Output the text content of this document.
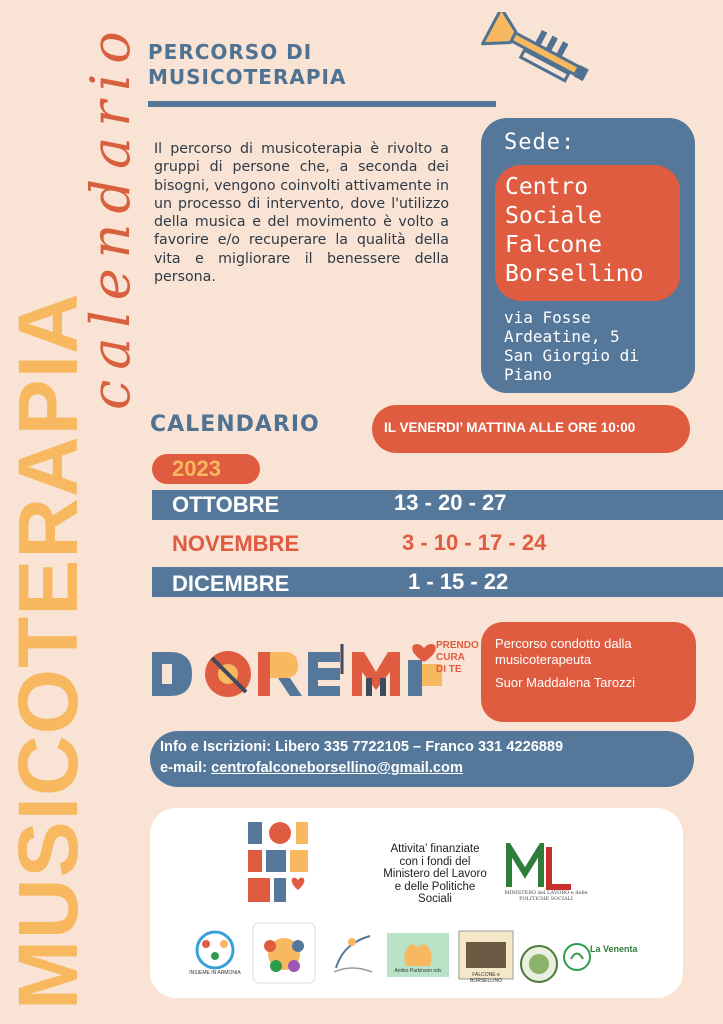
MUSICOTERAPIA
calendario PERCORSO DI
MUSICOTERAPIA

Il percorso di musicoterapia è rivolto a gruppi di persone che, a seconda dei bisogni, vengono coinvolti attivamente in un processo di intervento, dove l'utilizzo della musica e del movimento è volto a favorire e/o recuperare la qualità della vita e migliorare il benessere della persona.

Sede:
Centro
Sociale
Falcone
Borsellino
via Fosse
Ardeatine, 5
San Giorgio di
Piano
CALENDARIO	IL VENERDI’ MATTINA ALLE ORE 10:00
2023
OTTOBRE	13 - 20 - 27
NOVEMBRE	3 - 10 - 17 - 24
DICEMBRE	1 - 15 - 22
PRENDO
CURA
DI TE
Percorso condotto dalla musicoterapeuta
Suor Maddalena Tarozzi
Info e Iscrizioni: Libero 335 7722105 – Franco 331 4226889
e-mail: centrofalconeborsellino@gmail.com
Attivita’ finanziate con i fondi del Ministero del Lavoro e delle Politiche Sociali	MINISTERO del LAVORO e delle POLITICHE SOCIALI
INSIEME IN ARMONIA	Amiko Parkinson odv
FALCONE e BORSELLINO
La Venenta
